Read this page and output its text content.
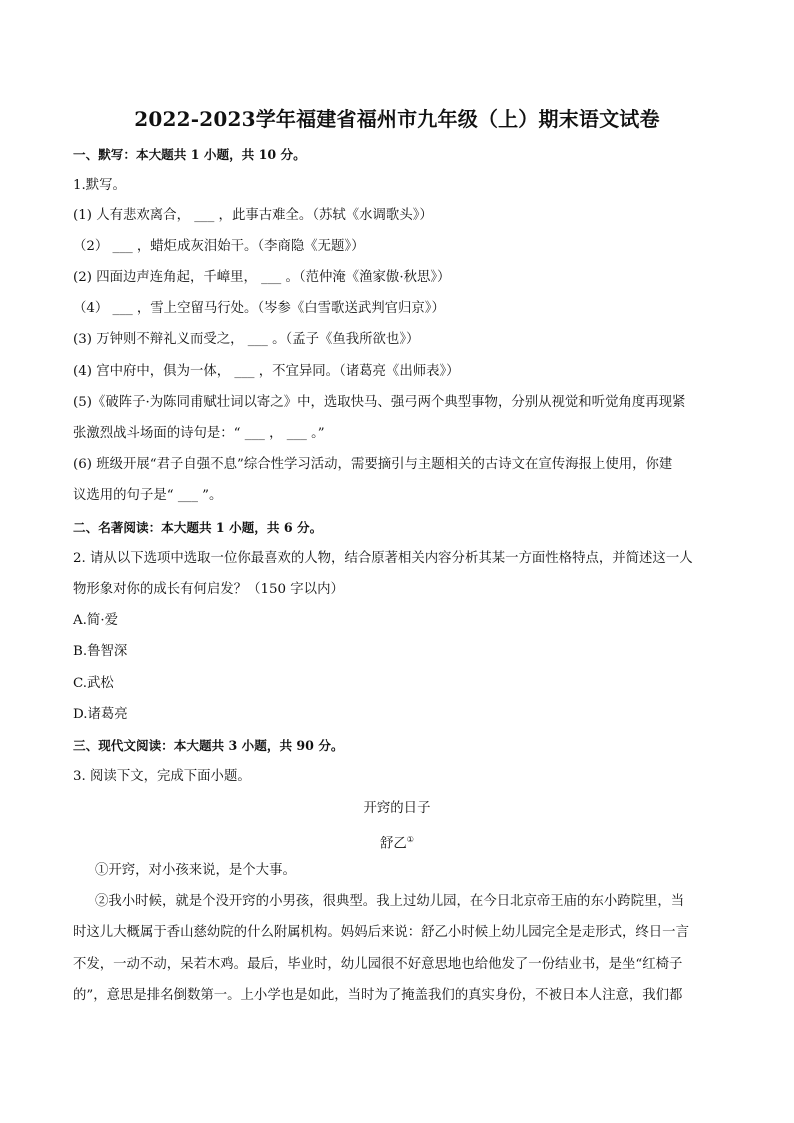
2022-2023学年福建省福州市九年级（上）期末语文试卷
一、默写：本大题共 1 小题，共 10 分。
1.默写。
(1) 人有悲欢离合， ___ ，此事古难全。（苏轼《水调歌头》）
（2） ___ ，蜡炬成灰泪始干。（李商隐《无题》）
(2) 四面边声连角起，千嶂里， ___ 。（范仲淹《渔家傲·秋思》）
（4） ___ ，雪上空留马行处。（岑参《白雪歌送武判官归京》）
(3) 万钟则不辩礼义而受之， ___ 。（孟子《鱼我所欲也》）
(4) 宫中府中，俱为一体， ___ ，不宜异同。（诸葛亮《出师表》）
(5)《破阵子·为陈同甫赋壮词以寄之》中，选取快马、强弓两个典型事物，分别从视觉和听觉角度再现紧
张激烈战斗场面的诗句是：“ ___ ， ___ 。”
(6) 班级开展“君子自强不息”综合性学习活动，需要摘引与主题相关的古诗文在宣传海报上使用，你建
议选用的句子是“ ___ ”。
二、名著阅读：本大题共 1 小题，共 6 分。
2. 请从以下选项中选取一位你最喜欢的人物，结合原著相关内容分析其某一方面性格特点，并简述这一人
物形象对你的成长有何启发？（150 字以内）
A.简·爱
B.鲁智深
C.武松
D.诸葛亮
三、现代文阅读：本大题共 3 小题，共 90 分。
3. 阅读下文，完成下面小题。
开窍的日子
舒乙①
①开窍，对小孩来说，是个大事。
②我小时候，就是个没开窍的小男孩，很典型。我上过幼儿园，在今日北京帝王庙的东小跨院里，当
时这儿大概属于香山慈幼院的什么附属机构。妈妈后来说：舒乙小时候上幼儿园完全是走形式，终日一言
不发，一动不动，呆若木鸡。最后，毕业时，幼儿园很不好意思地也给他发了一份结业书，是坐“红椅子
的”，意思是排名倒数第一。上小学也是如此，当时为了掩盖我们的真实身份，不被日本人注意，我们都
